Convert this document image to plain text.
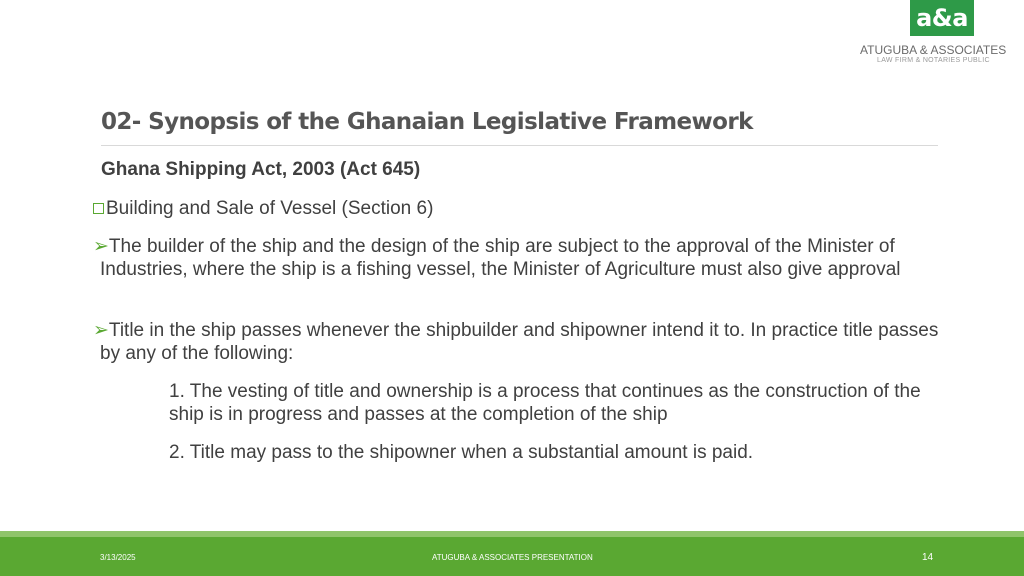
a&a
ATUGUBA & ASSOCIATES
LAW FIRM & NOTARIES PUBLIC
02- Synopsis of the Ghanaian Legislative Framework
Ghana Shipping Act, 2003 (Act 645)
Building and Sale of Vessel (Section 6)
➢The builder of the ship and the design of the ship are subject to the approval of the Minister of Industries, where the ship is a fishing vessel, the Minister of Agriculture must also give approval
➢Title in the ship passes whenever the shipbuilder and shipowner intend it to. In practice title passes by any of the following:
1. The vesting of title and ownership is a process that continues as the construction of the ship is in progress and passes at the completion of the ship
2. Title may pass to the shipowner when a substantial amount is paid.
3/13/2025	ATUGUBA & ASSOCIATES PRESENTATION	14
